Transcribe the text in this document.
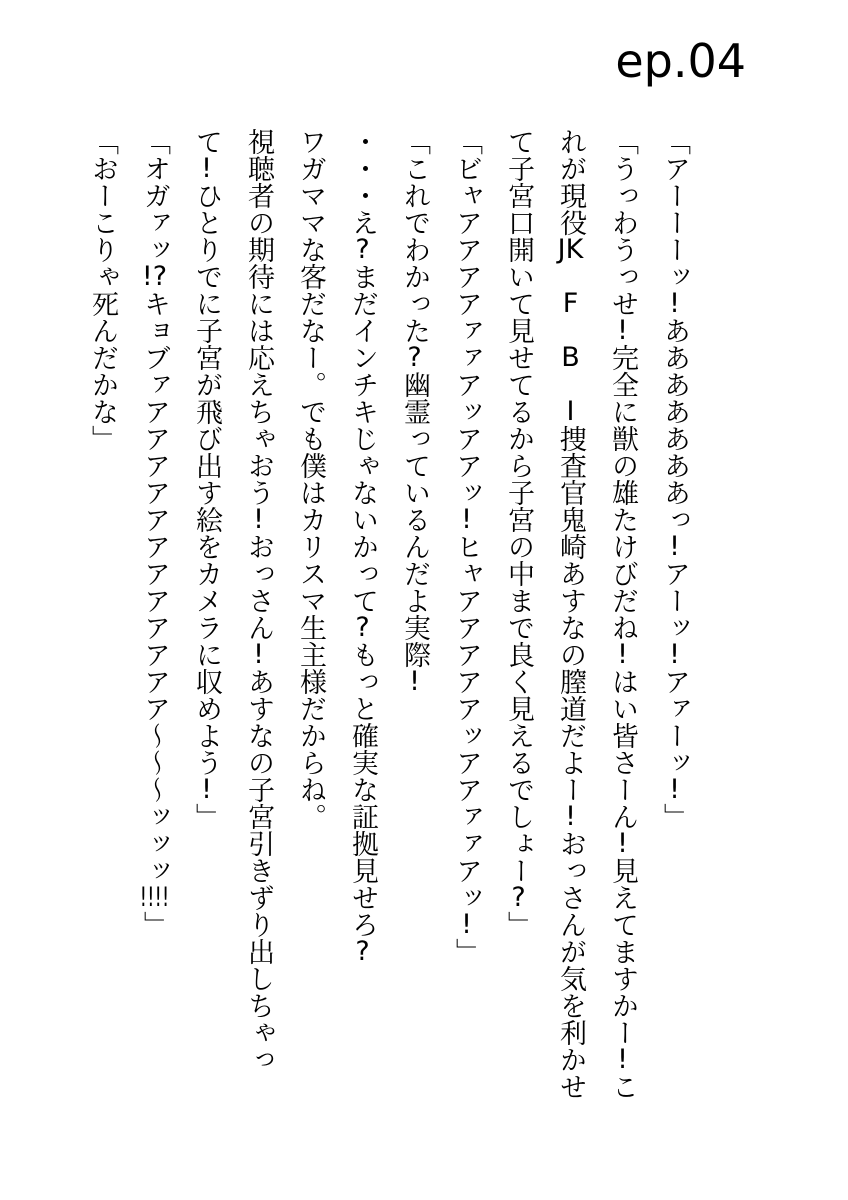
ep.04

「アーーーッ!あああああああっ!アーッ!アァーッ!」

「うっわうっせ!完全に獣の雄たけびだね!はい皆さーん!見えてますかー!これが現役JK　F　B　I捜査官鬼崎あすなの膣道だよー!おっさんが気を利かせて子宮口開いて見せてるから子宮の中まで良く見えるでしょー?」

「ビャアアアアァァアッアアッ!ヒャアアアアアッアアァァアッ!」

「これでわかった?幽霊っているんだよ実際!

・・・え?まだインチキじゃないかって?もっと確実な証拠見せろ?

ワガママな客だなー。でも僕はカリスマ生主様だからね。

視聴者の期待には応えちゃおう!おっさん!あすなの子宮引きずり出しちゃって!ひとりでに子宮が飛び出す絵をカメラに収めよう!」

「オガァッ!?キョブァアアアアアアアアアアアア〜〜〜ッッッ!!!!」

「おーこりゃ死んだかな」
